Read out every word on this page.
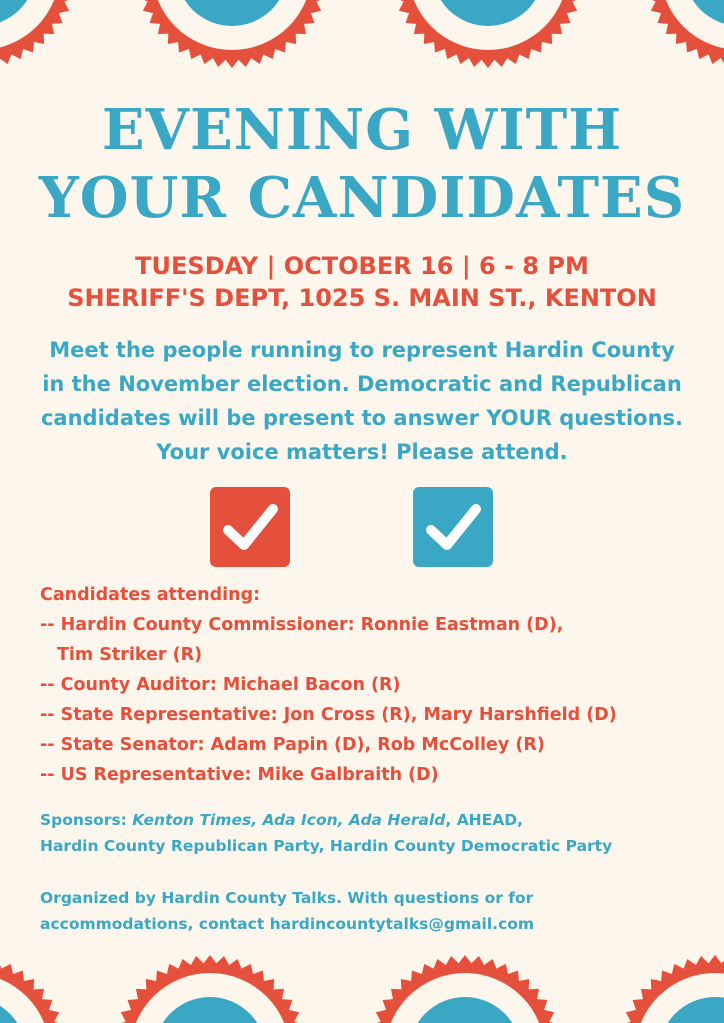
EVENING WITH
YOUR CANDIDATES
TUESDAY | OCTOBER 16 | 6 - 8 PM
SHERIFF'S DEPT, 1025 S. MAIN ST., KENTON
Meet the people running to represent Hardin County
in the November election. Democratic and Republican
candidates will be present to answer YOUR questions.
Your voice matters! Please attend.
Candidates attending:
-- Hardin County Commissioner: Ronnie Eastman (D),
Tim Striker (R)
-- County Auditor: Michael Bacon (R)
-- State Representative: Jon Cross (R), Mary Harshfield (D)
-- State Senator: Adam Papin (D), Rob McColley (R)
-- US Representative: Mike Galbraith (D)
Sponsors: Kenton Times, Ada Icon, Ada Herald, AHEAD,
Hardin County Republican Party, Hardin County Democratic Party
Organized by Hardin County Talks. With questions or for
accommodations, contact hardincountytalks@gmail.com
